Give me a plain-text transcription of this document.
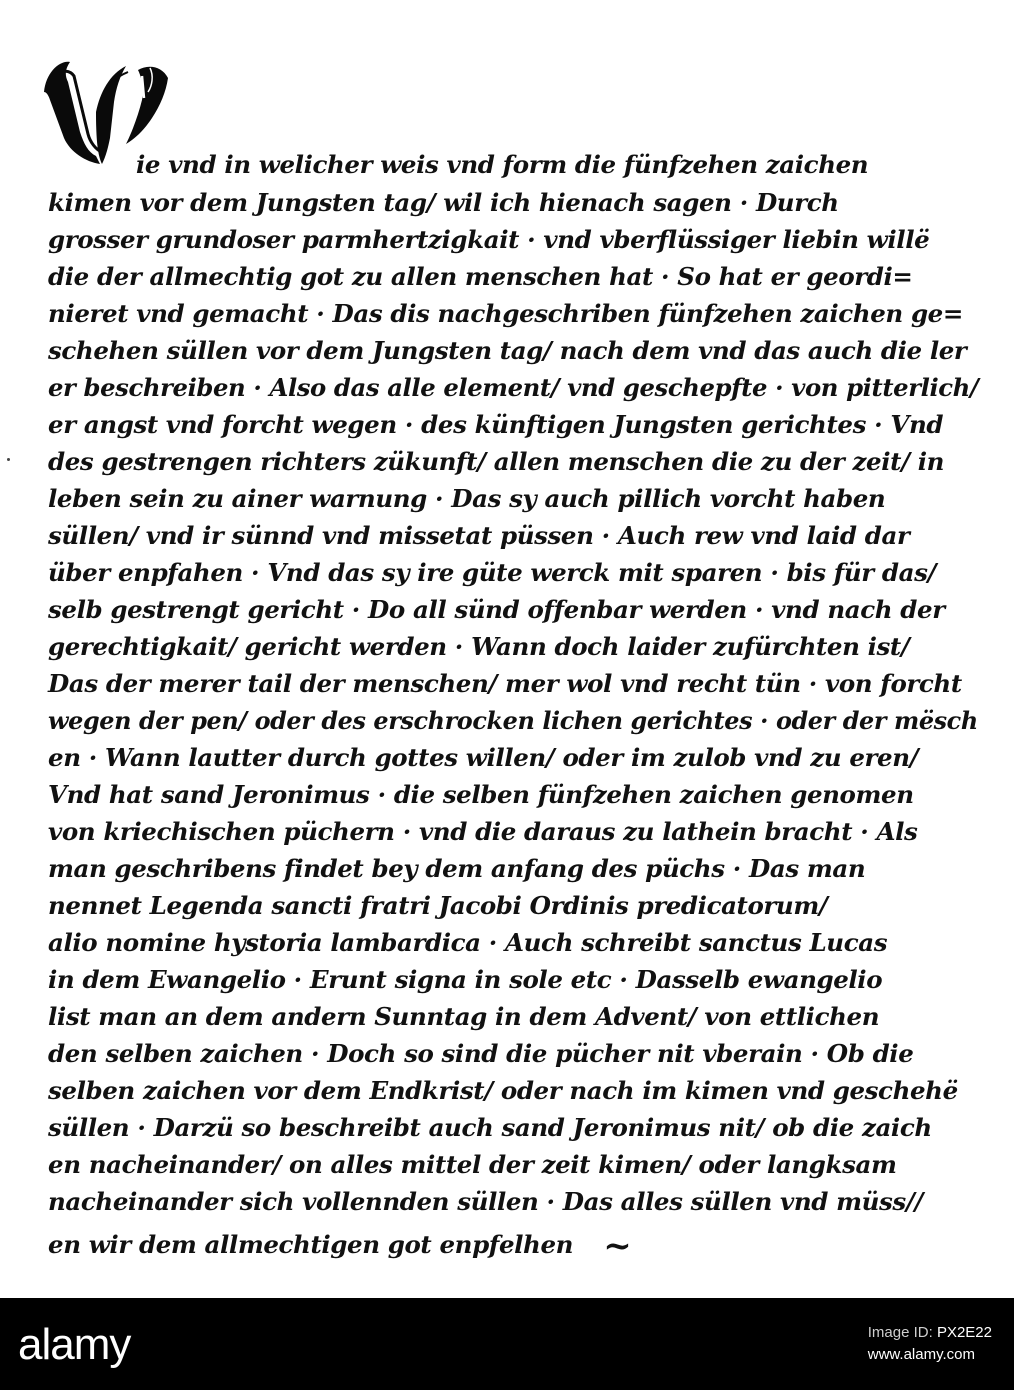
ie vnd in welicher weis vnd form die fünfzehen zaichen
kimen vor dem Jungsten tag/ wil ich hienach sagen · Durch
grosser grundoser parmhertzigkait · vnd vberflüssiger liebin willë
die der allmechtig got zu allen menschen hat · So hat er geordi=
nieret vnd gemacht · Das dis nachgeschriben fünfzehen zaichen ge=
schehen süllen vor dem Jungsten tag/ nach dem vnd das auch die ler
er beschreiben · Also das alle element/ vnd geschepfte · von pitterlich/
er angst vnd forcht wegen · des künftigen Jungsten gerichtes · Vnd
des gestrengen richters zükunft/ allen menschen die zu der zeit/ in
leben sein zu ainer warnung · Das sy auch pillich vorcht haben
süllen/ vnd ir sünnd vnd missetat püssen · Auch rew vnd laid dar
über enpfahen · Vnd das sy ire güte werck mit sparen · bis für das/
selb gestrengt gericht · Do all sünd offenbar werden · vnd nach der
gerechtigkait/ gericht werden · Wann doch laider zufürchten ist/
Das der merer tail der menschen/ mer wol vnd recht tün · von forcht
wegen der pen/ oder des erschrocken lichen gerichtes · oder der mësch
en · Wann lautter durch gottes willen/ oder im zulob vnd zu eren/
Vnd hat sand Jeronimus · die selben fünfzehen zaichen genomen
von kriechischen püchern · vnd die daraus zu lathein bracht · Als
man geschribens findet bey dem anfang des püchs · Das man
nennet Legenda sancti fratri Jacobi Ordinis predicatorum/
alio nomine hystoria lambardica · Auch schreibt sanctus Lucas
in dem Ewangelio · Erunt signa in sole etc · Dasselb ewangelio
list man an dem andern Sunntag in dem Advent/ von ettlichen
den selben zaichen · Doch so sind die pücher nit vberain · Ob die
selben zaichen vor dem Endkrist/ oder nach im kimen vnd geschehë
süllen · Darzü so beschreibt auch sand Jeronimus nit/ ob die zaich
en nacheinander/ on alles mittel der zeit kimen/ oder langksam
nacheinander sich vollennden süllen · Das alles süllen vnd müss//
en wir dem allmechtigen got enpfelhen ~
alamy	Image ID: PX2E22
www.alamy.com
